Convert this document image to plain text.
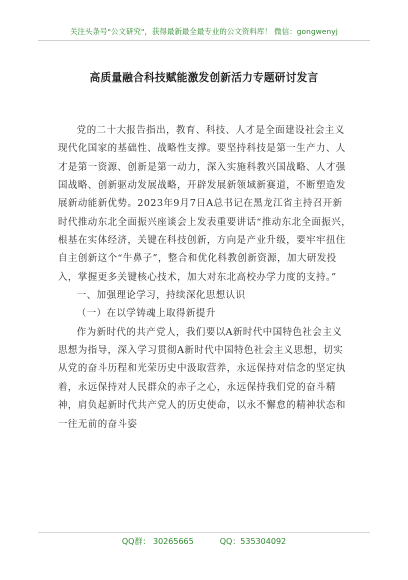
关注头条号"公文研究"，获得最新最全最专业的公文资料库！ 微信：gongwenyj
高质量融合科技赋能激发创新活力专题研讨发言

党的二十大报告指出，教育、科技、人才是全面建设社会主义现代化国家的基础性、战略性支撑。要坚持科技是第一生产力、人才是第一资源、创新是第一动力，深入实施科教兴国战略、人才强国战略、创新驱动发展战略，开辟发展新领域新赛道，不断塑造发展新动能新优势。2023年9月7日A总书记在黑龙江省主持召开新时代推动东北全面振兴座谈会上发表重要讲话“推动东北全面振兴，根基在实体经济，关键在科技创新，方向是产业升级，要牢牢扭住自主创新这个“牛鼻子”，整合和优化科教创新资源，加大研发投入，掌握更多关键核心技术，加大对东北高校办学力度的支持。”

一、加强理论学习，持续深化思想认识

（一）在以学铸魂上取得新提升

作为新时代的共产党人，我们要以A新时代中国特色社会主义思想为指导，深入学习贯彻A新时代中国特色社会主义思想，切实从党的奋斗历程和光荣历史中汲取营养，永远保持对信念的坚定执着，永远保持对人民群众的赤子之心，永远保持我们党的奋斗精神，肩负起新时代共产党人的历史使命，以永不懈怠的精神状态和一往无前的奋斗姿

QQ群： 30265665	QQ：535304092
